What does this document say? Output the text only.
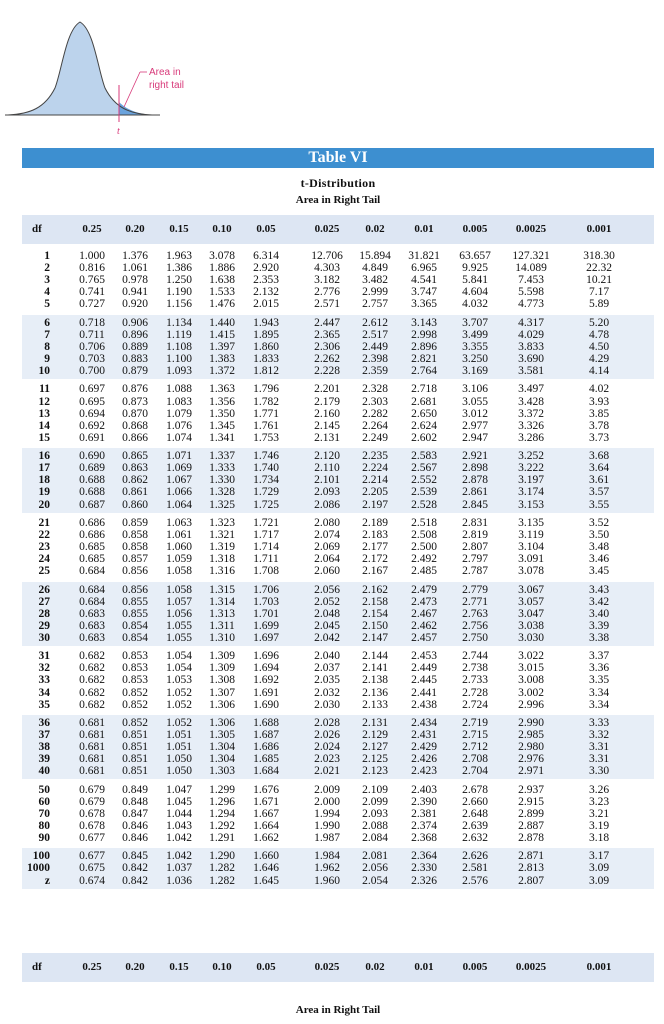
Area in
right tail
t
Table VI
t-Distribution
Area in Right Tail
df	0.25	0.20	0.15	0.10	0.05	0.025	0.02	0.01	0.005	0.0025	0.001
1	1.000	1.376	1.963	3.078	6.314	12.706	15.894	31.821	63.657	127.321	318.30
2	0.816	1.061	1.386	1.886	2.920	4.303	4.849	6.965	9.925	14.089	22.32
3	0.765	0.978	1.250	1.638	2.353	3.182	3.482	4.541	5.841	7.453	10.21
4	0.741	0.941	1.190	1.533	2.132	2.776	2.999	3.747	4.604	5.598	7.17
5	0.727	0.920	1.156	1.476	2.015	2.571	2.757	3.365	4.032	4.773	5.89
6	0.718	0.906	1.134	1.440	1.943	2.447	2.612	3.143	3.707	4.317	5.20
7	0.711	0.896	1.119	1.415	1.895	2.365	2.517	2.998	3.499	4.029	4.78
8	0.706	0.889	1.108	1.397	1.860	2.306	2.449	2.896	3.355	3.833	4.50
9	0.703	0.883	1.100	1.383	1.833	2.262	2.398	2.821	3.250	3.690	4.29
10	0.700	0.879	1.093	1.372	1.812	2.228	2.359	2.764	3.169	3.581	4.14
11	0.697	0.876	1.088	1.363	1.796	2.201	2.328	2.718	3.106	3.497	4.02
12	0.695	0.873	1.083	1.356	1.782	2.179	2.303	2.681	3.055	3.428	3.93
13	0.694	0.870	1.079	1.350	1.771	2.160	2.282	2.650	3.012	3.372	3.85
14	0.692	0.868	1.076	1.345	1.761	2.145	2.264	2.624	2.977	3.326	3.78
15	0.691	0.866	1.074	1.341	1.753	2.131	2.249	2.602	2.947	3.286	3.73
16	0.690	0.865	1.071	1.337	1.746	2.120	2.235	2.583	2.921	3.252	3.68
17	0.689	0.863	1.069	1.333	1.740	2.110	2.224	2.567	2.898	3.222	3.64
18	0.688	0.862	1.067	1.330	1.734	2.101	2.214	2.552	2.878	3.197	3.61
19	0.688	0.861	1.066	1.328	1.729	2.093	2.205	2.539	2.861	3.174	3.57
20	0.687	0.860	1.064	1.325	1.725	2.086	2.197	2.528	2.845	3.153	3.55
21	0.686	0.859	1.063	1.323	1.721	2.080	2.189	2.518	2.831	3.135	3.52
22	0.686	0.858	1.061	1.321	1.717	2.074	2.183	2.508	2.819	3.119	3.50
23	0.685	0.858	1.060	1.319	1.714	2.069	2.177	2.500	2.807	3.104	3.48
24	0.685	0.857	1.059	1.318	1.711	2.064	2.172	2.492	2.797	3.091	3.46
25	0.684	0.856	1.058	1.316	1.708	2.060	2.167	2.485	2.787	3.078	3.45
26	0.684	0.856	1.058	1.315	1.706	2.056	2.162	2.479	2.779	3.067	3.43
27	0.684	0.855	1.057	1.314	1.703	2.052	2.158	2.473	2.771	3.057	3.42
28	0.683	0.855	1.056	1.313	1.701	2.048	2.154	2.467	2.763	3.047	3.40
29	0.683	0.854	1.055	1.311	1.699	2.045	2.150	2.462	2.756	3.038	3.39
30	0.683	0.854	1.055	1.310	1.697	2.042	2.147	2.457	2.750	3.030	3.38
31	0.682	0.853	1.054	1.309	1.696	2.040	2.144	2.453	2.744	3.022	3.37
32	0.682	0.853	1.054	1.309	1.694	2.037	2.141	2.449	2.738	3.015	3.36
33	0.682	0.853	1.053	1.308	1.692	2.035	2.138	2.445	2.733	3.008	3.35
34	0.682	0.852	1.052	1.307	1.691	2.032	2.136	2.441	2.728	3.002	3.34
35	0.682	0.852	1.052	1.306	1.690	2.030	2.133	2.438	2.724	2.996	3.34
36	0.681	0.852	1.052	1.306	1.688	2.028	2.131	2.434	2.719	2.990	3.33
37	0.681	0.851	1.051	1.305	1.687	2.026	2.129	2.431	2.715	2.985	3.32
38	0.681	0.851	1.051	1.304	1.686	2.024	2.127	2.429	2.712	2.980	3.31
39	0.681	0.851	1.050	1.304	1.685	2.023	2.125	2.426	2.708	2.976	3.31
40	0.681	0.851	1.050	1.303	1.684	2.021	2.123	2.423	2.704	2.971	3.30
50	0.679	0.849	1.047	1.299	1.676	2.009	2.109	2.403	2.678	2.937	3.26
60	0.679	0.848	1.045	1.296	1.671	2.000	2.099	2.390	2.660	2.915	3.23
70	0.678	0.847	1.044	1.294	1.667	1.994	2.093	2.381	2.648	2.899	3.21
80	0.678	0.846	1.043	1.292	1.664	1.990	2.088	2.374	2.639	2.887	3.19
90	0.677	0.846	1.042	1.291	1.662	1.987	2.084	2.368	2.632	2.878	3.18
100	0.677	0.845	1.042	1.290	1.660	1.984	2.081	2.364	2.626	2.871	3.17
1000	0.675	0.842	1.037	1.282	1.646	1.962	2.056	2.330	2.581	2.813	3.09
z	0.674	0.842	1.036	1.282	1.645	1.960	2.054	2.326	2.576	2.807	3.09
df	0.25	0.20	0.15	0.10	0.05	0.025	0.02	0.01	0.005	0.0025	0.001
Area in Right Tail
